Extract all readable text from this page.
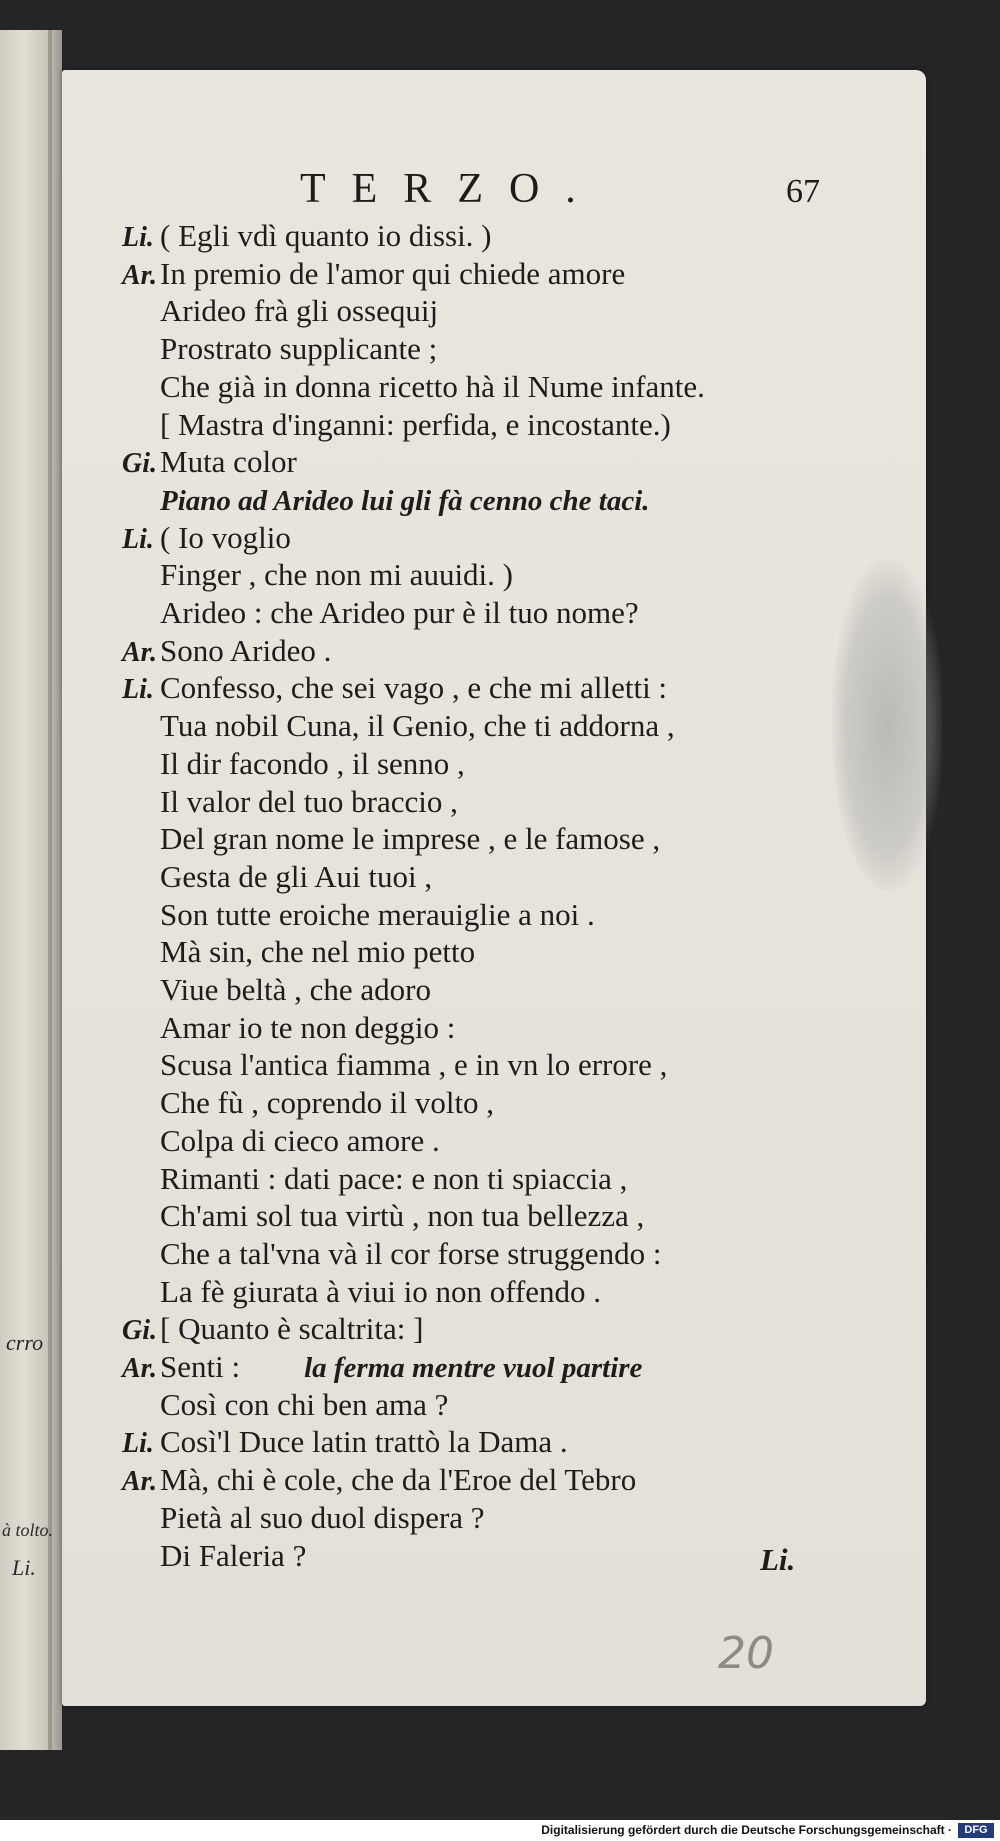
crro
à tolto.
Li.
TERZO.	67
Li. ( Egli vdì quanto io dissi. )
Ar.In premio de l'amor qui chiede amore
Arideo frà gli ossequij
Prostrato supplicante ;
Che già in donna ricetto hà il Nume infante.
[ Mastra d'inganni: perfida, e incostante.)
Gi.Muta color
Piano ad Arideo lui gli fà cenno che taci.
Li. ( Io voglio
Finger , che non mi auuidi. )
Arideo : che Arideo pur è il tuo nome?
Ar.Sono Arideo .
Li. Confesso, che sei vago , e che mi alletti :
Tua nobil Cuna, il Genio, che ti addorna ,
Il dir facondo , il senno ,
Il valor del tuo braccio ,
Del gran nome le imprese , e le famose ,
Gesta de gli Aui tuoi ,
Son tutte eroiche merauiglie a noi .
Mà sin, che nel mio petto
Viue beltà , che adoro
Amar io te non deggio :
Scusa l'antica fiamma , e in vn lo errore ,
Che fù , coprendo il volto ,
Colpa di cieco amore .
Rimanti : dati pace: e non ti spiaccia ,
Ch'ami sol tua virtù , non tua bellezza ,
Che a tal'vna và il cor forse struggendo :
La fè giurata à viui io non offendo .
Gi.[ Quanto è scaltrita: ]
Ar.Senti : la ferma mentre vuol partire
Così con chi ben ama ?
Li. Così'l Duce latin trattò la Dama .
Ar.Mà, chi è cole, che da l'Eroe del Tebro
Pietà al suo duol dispera ?
Di Faleria ?	Li.
20
Digitalisierung gefördert durch die Deutsche Forschungsgemeinschaft ·	DFG
